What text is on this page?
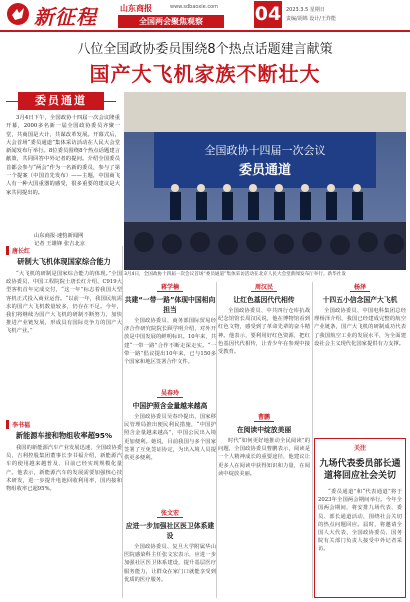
新征程	山东商报	www.sdbaoxie.com
全国两会聚焦观察	04 2023.3.5 星期日
责编/胡锦 设计/王炸能
八位全国政协委员围绕8个热点话题建言献策
国产大飞机家族不断壮大
委员通道
3月4日下午，全国政协十四届一次会议隆重开幕，2000多名新一届全国政协委员齐聚一堂，共商国是大计，共谋改革发展。开幕式后，大会首场“委员通道”集体采访活动在人民大会堂新闻发布厅举行。8位委员围绕8个热点话题建言献策，共同回答中外记者的提问。介绍全国委员首都会参与“两会”作为一名新的委员，参与了第一个提案（中国首先发布）——主题，中国商飞人有一种大国重器的感受，很多重要的建议是大家共同提出的。
山东商报·速豹新闻网
记者 王雄锋 张吉北京
全国政协十四届一次会议
委员通道
3月4日，全国政协十四届一次会议首场“委员通道”集体采访活动在北京人民大会堂新闻发布厅举行。新华社发
唐长红
研制大飞机体现国家综合能力
“大飞机的研制是国家综合能力的体现。”全国政协委员、中国工程院院士唐长红介绍，C919大型客机首年完成交付，“这一年”标志着我国大型客机正式投入商业运营。“以前一年，我国民航需求的国产大飞机数量较多，仍存在不足。今年，我们将继续为国产大飞机的研制不断努力，加快推进产业链发展，形成具有国际竞争力的国产大飞机产业。”
李书福
新能源车接和物组收率超95%
我国的新能源汽车产业发展迅速，全国政协委员、吉利控股集团董事长李书福介绍，新能源汽车的使用越来越普及，目前已经实现规模化量产。他表示，新能源汽车的发展需要加强核心技术研发，进一步提升电池回收利用率，国内接和物组收率已超95%。
蒋学楠
共建“一带一路”体现中国相向担当
全国政协委员、商务部国际贸易经济合作研究院院长顾学明介绍，对外开放是中国发展的鲜明标识。10年来，共建“一带一路”合作不断走深走实。“一带一路”倡议提出10年来，已与150多个国家和地区签署合作文件。
吴春玲
中国护照含金量越来越高
全国政协委员吴春玲提出，国家移民管理局推出便民利民措施，“中国护照含金量越来越高”，中国公民出入境更加便利。她说，目前我国与多个国家签署了互免签证协定，为出入境人员提供更多便利。
张文宏
应进一步加强社区医卫体系建设
全国政协委员、复旦大学附属华山医院感染科主任张文宏表示，应进一步加强社区医卫体系建设，提升基层医疗服务能力，让群众在家门口就能享受到优质的医疗服务。
周汉民
让红色基因代代相传
全国政协委员、中共四行仓库抗战纪念馆馆长周汉民说，他在博物馆看到红色文物，感受到了革命先辈的奋斗精神。他表示，要利用好红色资源，把红色基因代代相传，让青少年在参观中接受教育。
曹鹏
在阅读中绽放美丽
时代“如何更好地推动全民阅读”的问题，全国政协委员曹鹏表示，阅读是一个人精神成长的重要途径，他建议让更多人在阅读中获得知识和力量，在阅读中绽放美丽。
杨泽
十四五小信念国产大飞机
全国政协委员、中国电科集团总经理杨泽介绍，我国已经建成完整的航空产业链条，国产大飞机的研制成功代表了我国航空工业的发展水平，为全面建设社会主义现代化国家提供有力支撑。
关注
九场代表委员部长通道将回应社会关切
“委员通道”和“代表通道”将于2023年全国两会期间举行。今年全国两会期间，将安排九场代表、委员、部长通道活动，围绕社会关切的热点问题回应。届时，将邀请全国人大代表、全国政协委员、国务院有关部门负责人接受中外记者采访。
